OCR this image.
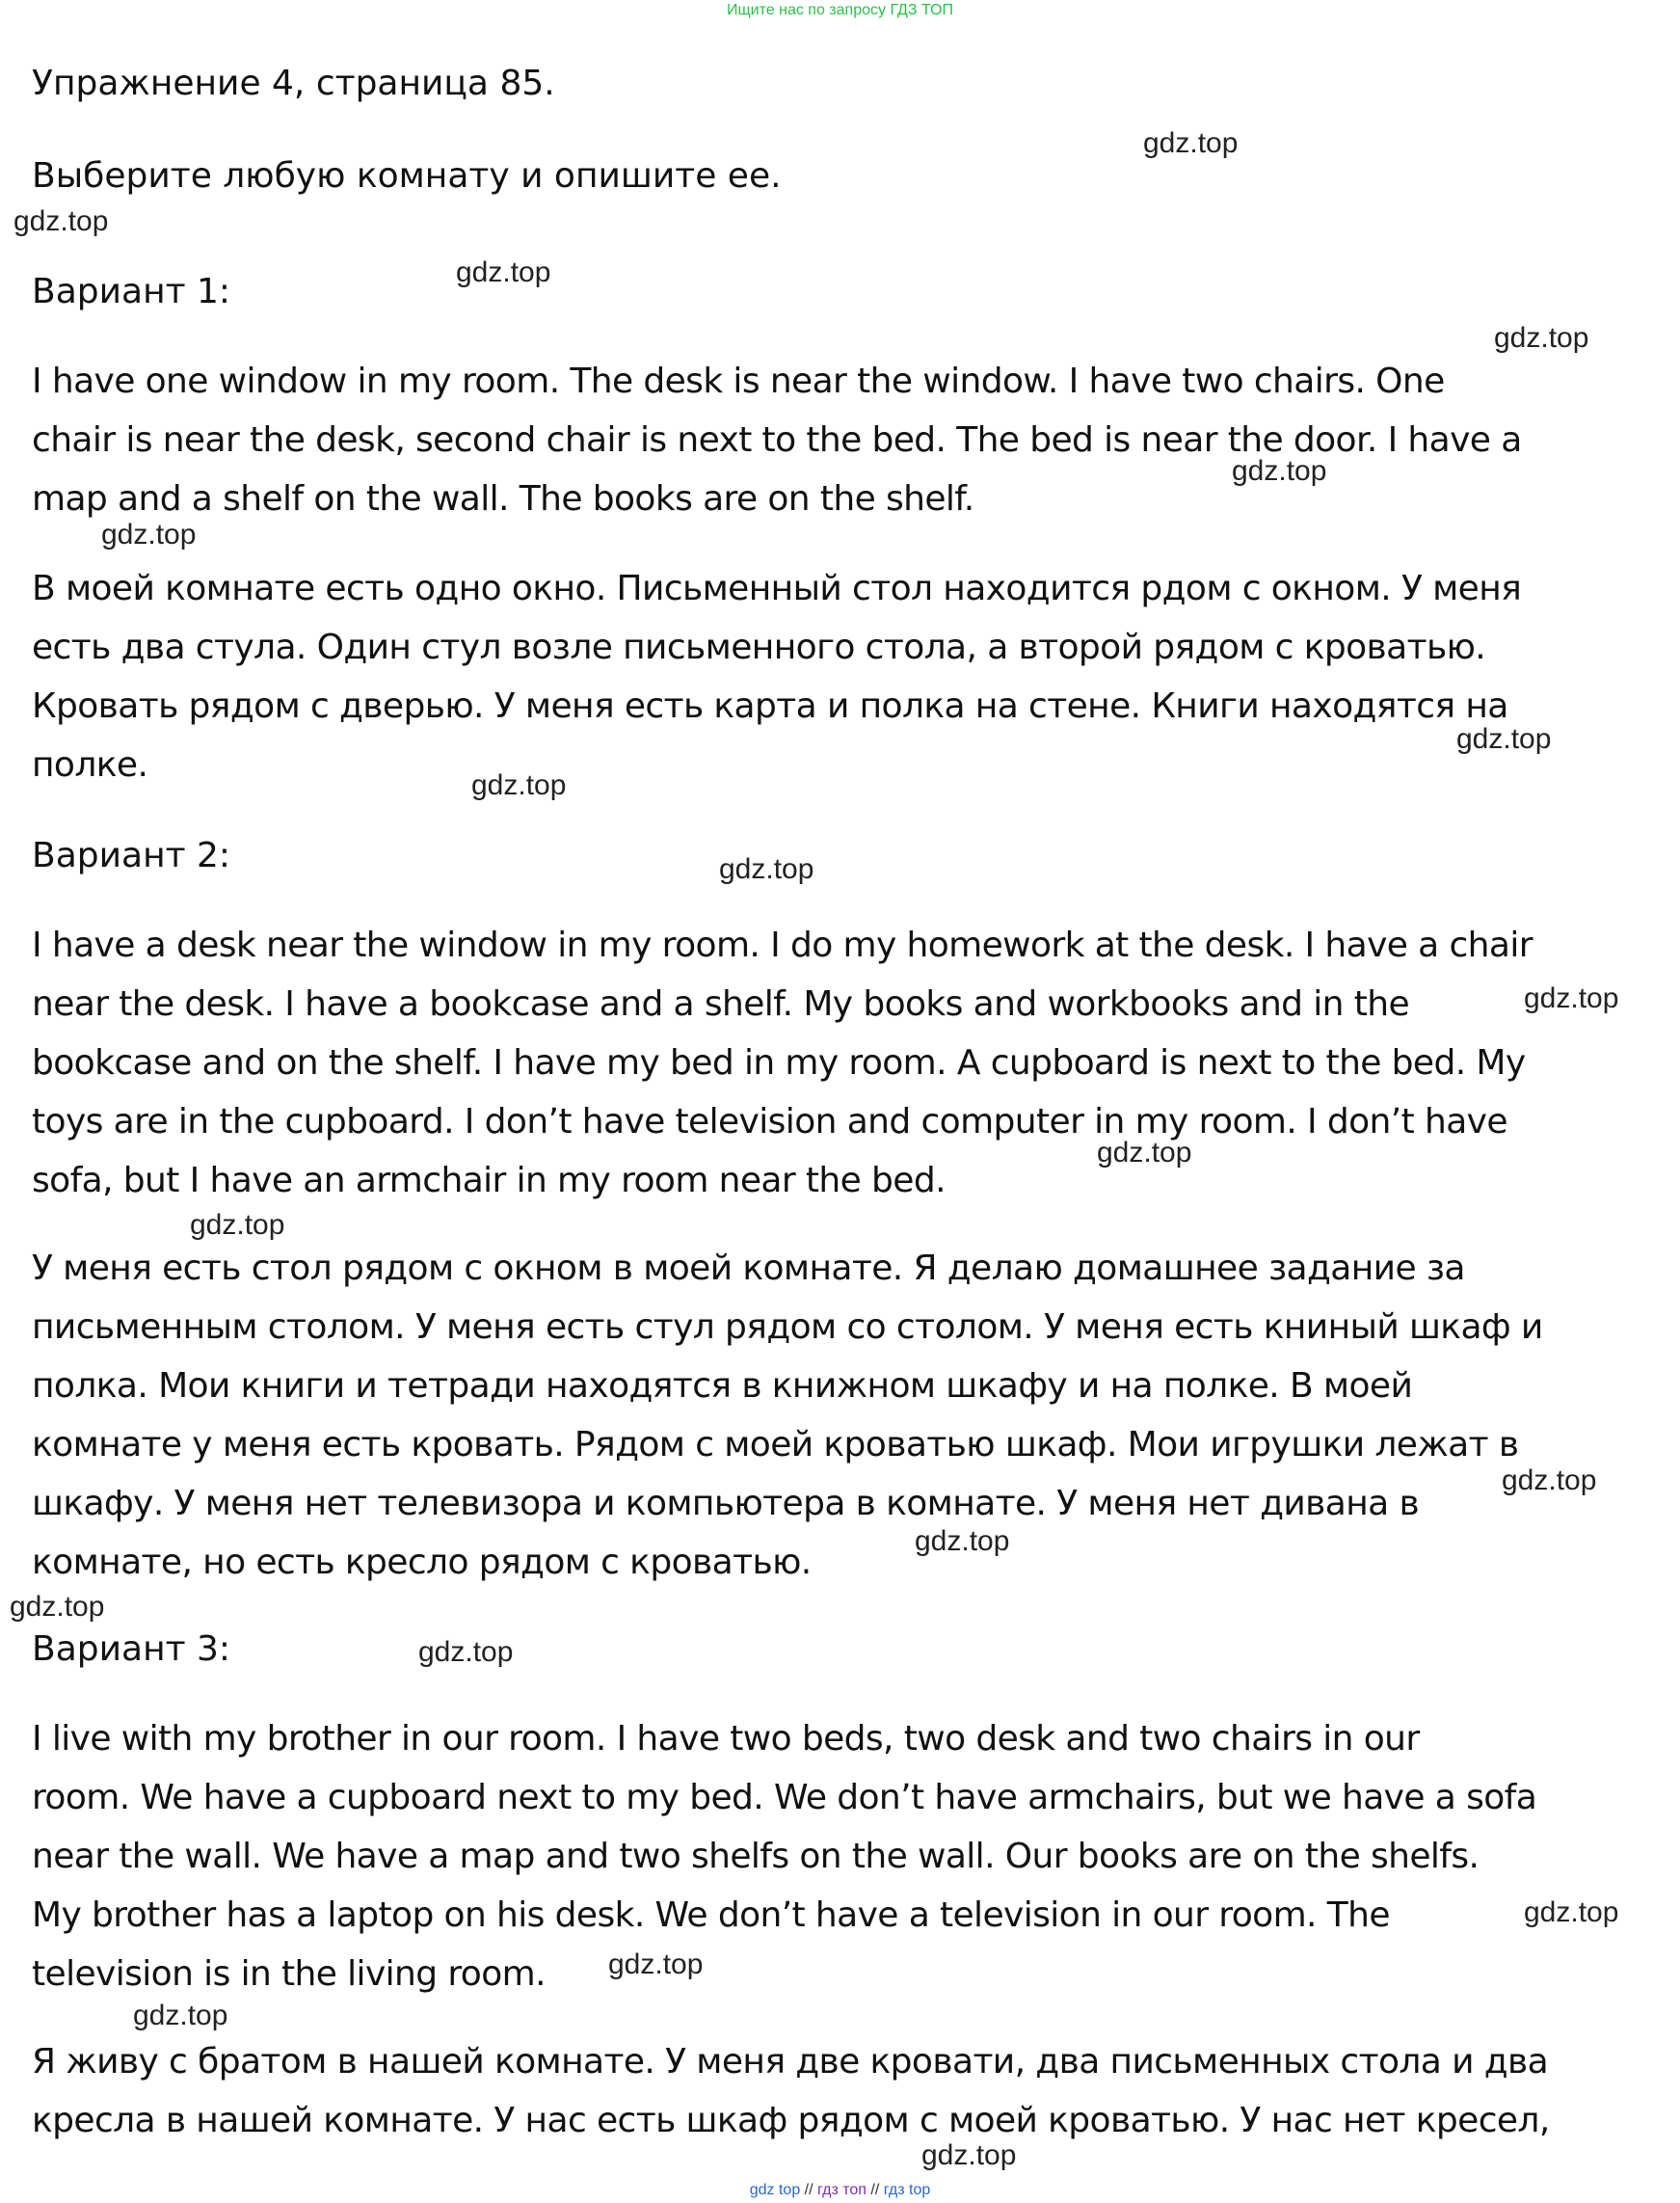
Ищите нас по запросу ГДЗ ТОП
Упражнение 4, страница 85.
Выберите любую комнату и опишите ее.
Вариант 1:
I have one window in my room. The desk is near the window. I have two chairs. One
chair is near the desk, second chair is next to the bed. The bed is near the door. I have a
map and a shelf on the wall. The books are on the shelf.
В моей комнате есть одно окно. Письменный стол находится рдом с окном. У меня
есть два стула. Один стул возле письменного стола, а второй рядом с кроватью.
Кровать рядом с дверью. У меня есть карта и полка на стене. Книги находятся на
полке.
Вариант 2:
I have a desk near the window in my room. I do my homework at the desk. I have a chair
near the desk. I have a bookcase and a shelf. My books and workbooks and in the
bookcase and on the shelf. I have my bed in my room. A cupboard is next to the bed. My
toys are in the cupboard. I don’t have television and computer in my room. I don’t have
sofa, but I have an armchair in my room near the bed.
У меня есть стол рядом с окном в моей комнате. Я делаю домашнее задание за
письменным столом. У меня есть стул рядом со столом. У меня есть книный шкаф и
полка. Мои книги и тетради находятся в книжном шкафу и на полке. В моей
комнате у меня есть кровать. Рядом с моей кроватью шкаф. Мои игрушки лежат в
шкафу. У меня нет телевизора и компьютера в комнате. У меня нет дивана в
комнате, но есть кресло рядом с кроватью.
Вариант 3:
I live with my brother in our room. I have two beds, two desk and two chairs in our
room. We have a cupboard next to my bed. We don’t have armchairs, but we have a sofa
near the wall. We have a map and two shelfs on the wall. Our books are on the shelfs.
My brother has a laptop on his desk. We don’t have a television in our room. The
television is in the living room.
Я живу с братом в нашей комнате. У меня две кровати, два письменных стола и два
кресла в нашей комнате. У нас есть шкаф рядом с моей кроватью. У нас нет кресел,
gdz.top
gdz.top
gdz.top
gdz.top
gdz.top
gdz.top
gdz.top
gdz.top
gdz.top
gdz.top
gdz.top
gdz.top
gdz.top
gdz.top
gdz.top
gdz.top
gdz.top
gdz.top
gdz.top
gdz.top
gdz top // гдз топ // гдз top
